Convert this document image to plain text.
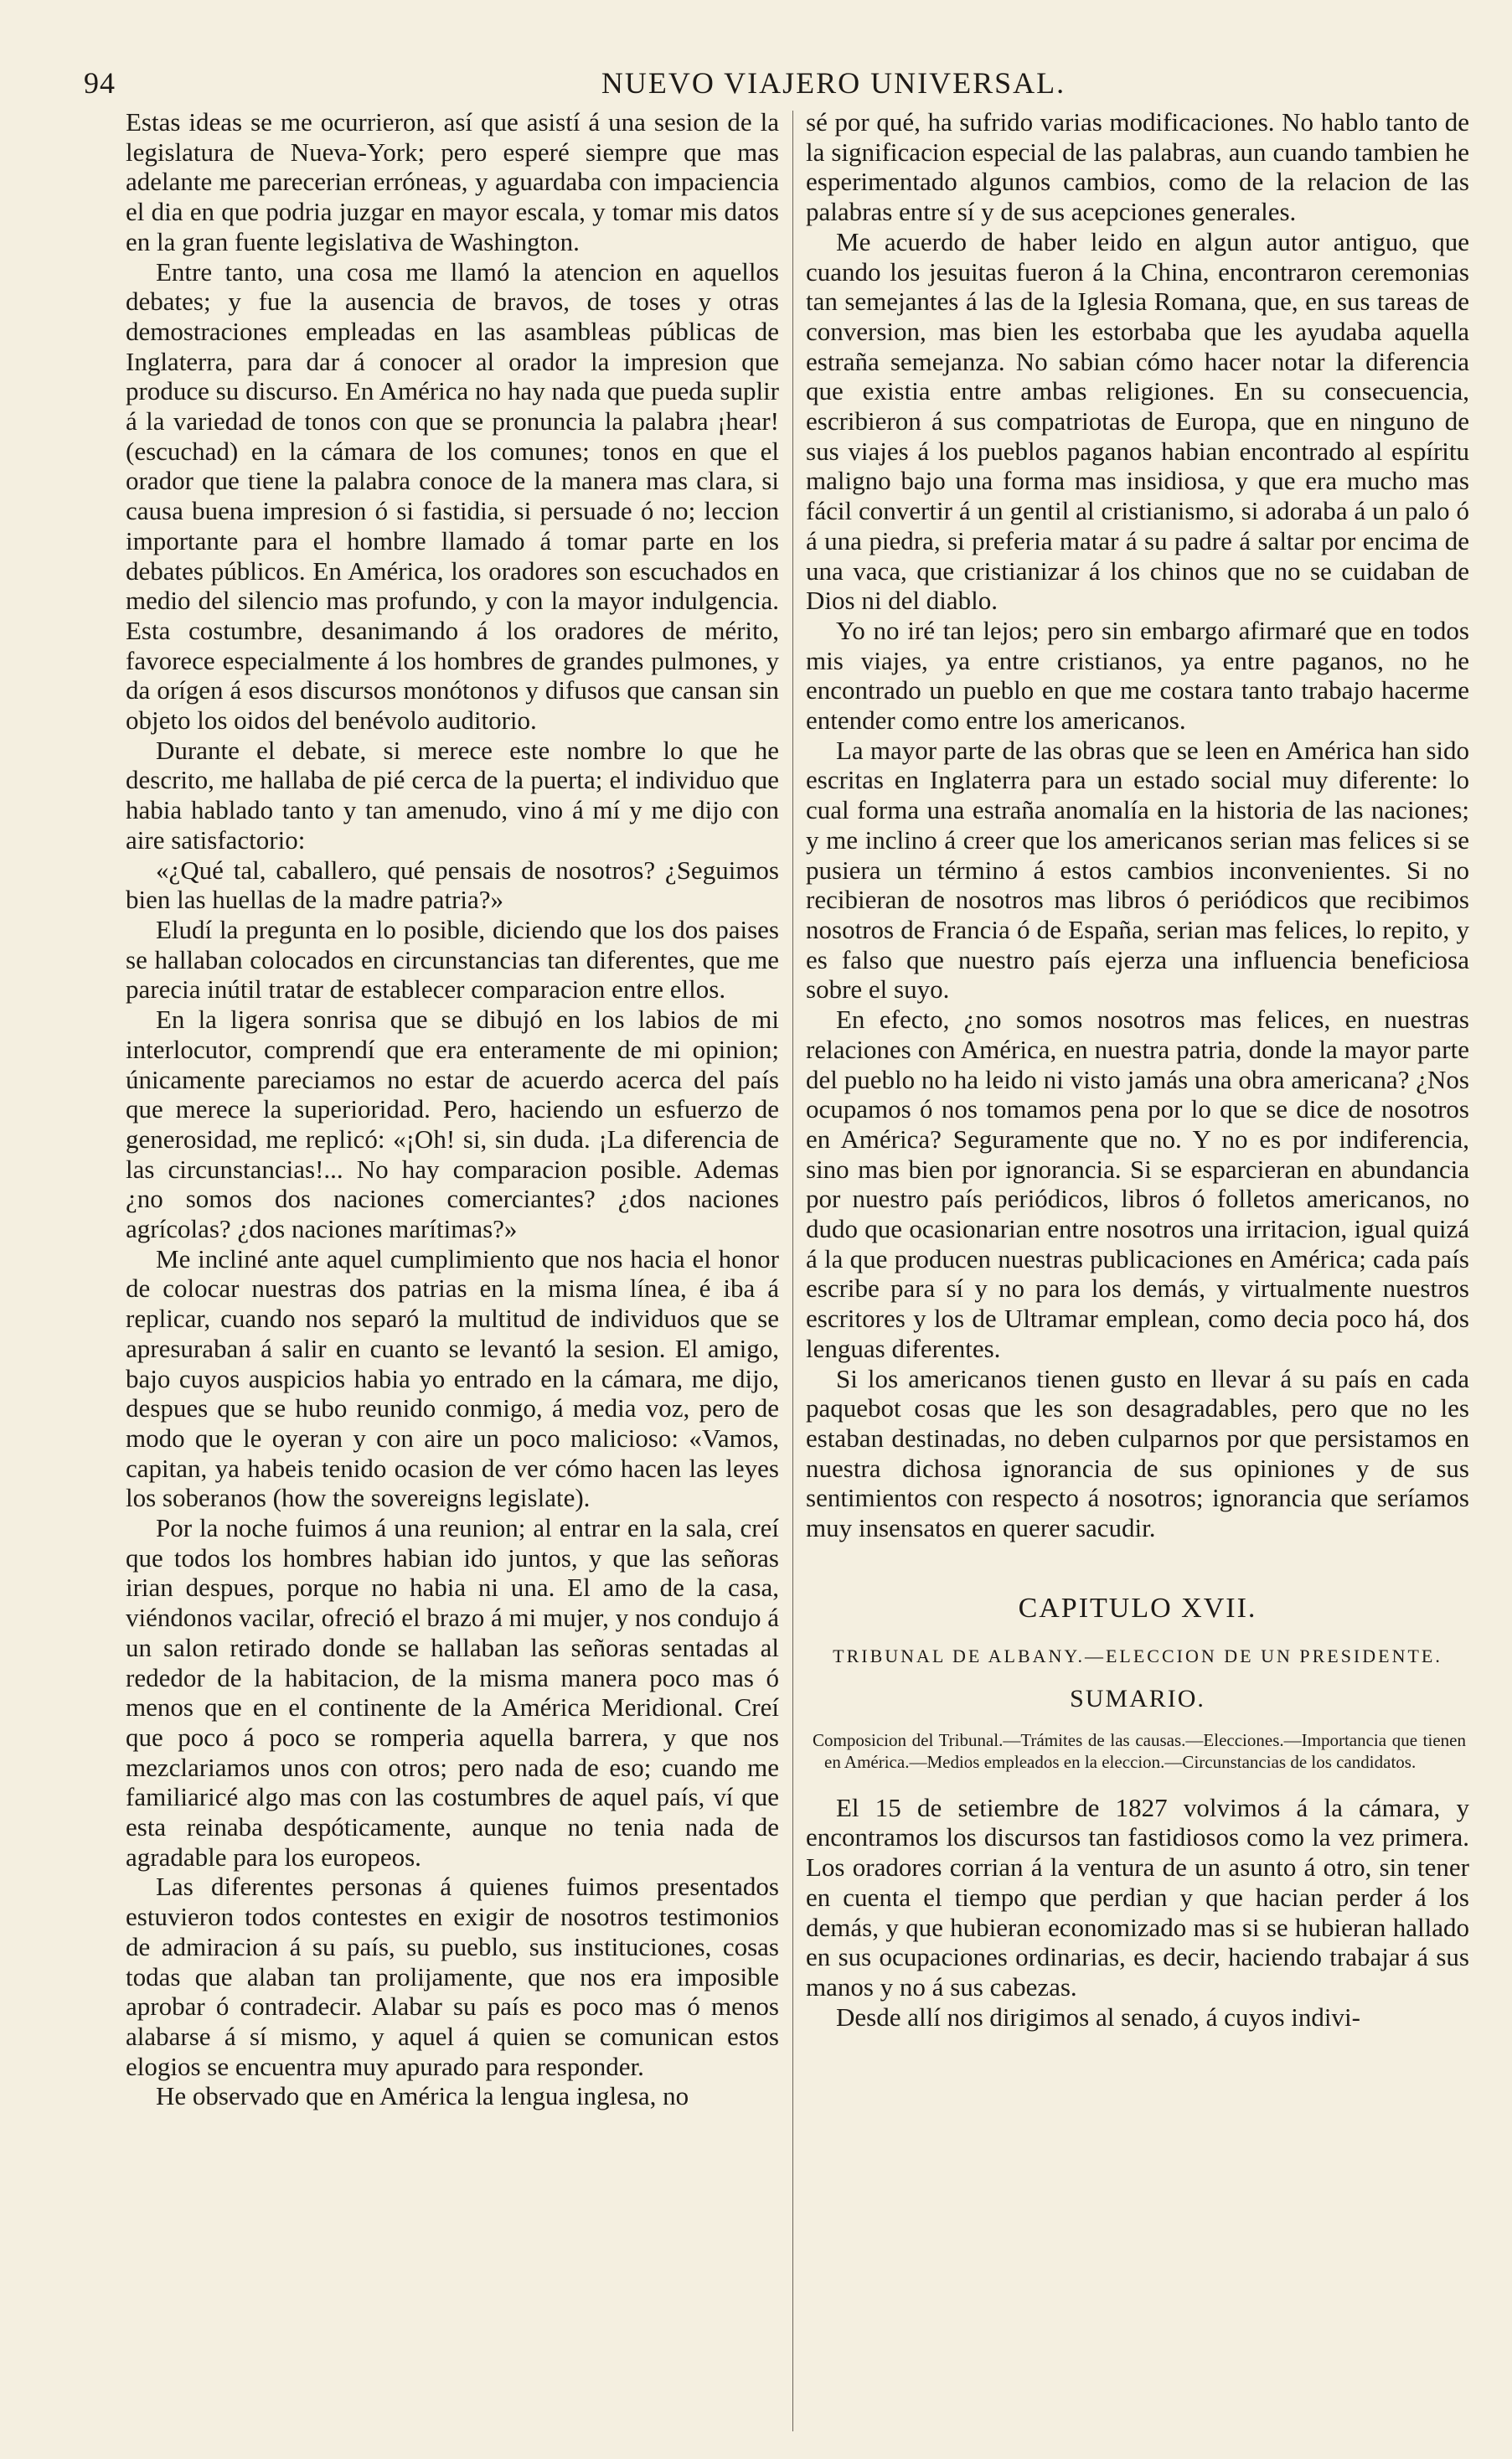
94	NUEVO VIAJERO UNIVERSAL.

Estas ideas se me ocurrieron, así que asistí á una sesion de la legislatura de Nueva-York; pero esperé siempre que mas adelante me parecerian erróneas, y aguardaba con impaciencia el dia en que podria juzgar en mayor escala, y tomar mis datos en la gran fuente legislativa de Washington.

Entre tanto, una cosa me llamó la atencion en aquellos debates; y fue la ausencia de bravos, de toses y otras demostraciones empleadas en las asambleas públicas de Inglaterra, para dar á conocer al orador la impresion que produce su discurso. En América no hay nada que pueda suplir á la variedad de tonos con que se pronuncia la palabra ¡hear! (escuchad) en la cámara de los comunes; tonos en que el orador que tiene la palabra conoce de la manera mas clara, si causa buena impresion ó si fastidia, si persuade ó no; leccion importante para el hombre llamado á tomar parte en los debates públicos. En América, los oradores son escuchados en medio del silencio mas profundo, y con la mayor indulgencia. Esta costumbre, desanimando á los oradores de mérito, favorece especialmente á los hombres de grandes pulmones, y da orígen á esos discursos monótonos y difusos que cansan sin objeto los oidos del benévolo auditorio.

Durante el debate, si merece este nombre lo que he descrito, me hallaba de pié cerca de la puerta; el individuo que habia hablado tanto y tan amenudo, vino á mí y me dijo con aire satisfactorio:

«¿Qué tal, caballero, qué pensais de nosotros? ¿Seguimos bien las huellas de la madre patria?»

Eludí la pregunta en lo posible, diciendo que los dos paises se hallaban colocados en circunstancias tan diferentes, que me parecia inútil tratar de establecer comparacion entre ellos.

En la ligera sonrisa que se dibujó en los labios de mi interlocutor, comprendí que era enteramente de mi opinion; únicamente pareciamos no estar de acuerdo acerca del país que merece la superioridad. Pero, haciendo un esfuerzo de generosidad, me replicó: «¡Oh! si, sin duda. ¡La diferencia de las circunstancias!... No hay comparacion posible. Ademas ¿no somos dos naciones comerciantes? ¿dos naciones agrícolas? ¿dos naciones marítimas?»

Me incliné ante aquel cumplimiento que nos hacia el honor de colocar nuestras dos patrias en la misma línea, é iba á replicar, cuando nos separó la multitud de individuos que se apresuraban á salir en cuanto se levantó la sesion. El amigo, bajo cuyos auspicios habia yo entrado en la cámara, me dijo, despues que se hubo reunido conmigo, á media voz, pero de modo que le oyeran y con aire un poco malicioso: «Vamos, capitan, ya habeis tenido ocasion de ver cómo hacen las leyes los soberanos (how the sovereigns legislate).

Por la noche fuimos á una reunion; al entrar en la sala, creí que todos los hombres habian ido juntos, y que las señoras irian despues, porque no habia ni una. El amo de la casa, viéndonos vacilar, ofreció el brazo á mi mujer, y nos condujo á un salon retirado donde se hallaban las señoras sentadas al rededor de la habitacion, de la misma manera poco mas ó menos que en el continente de la América Meridional. Creí que poco á poco se romperia aquella barrera, y que nos mezclariamos unos con otros; pero nada de eso; cuando me familiaricé algo mas con las costumbres de aquel país, ví que esta reinaba despóticamente, aunque no tenia nada de agradable para los europeos.

Las diferentes personas á quienes fuimos presentados estuvieron todos contestes en exigir de nosotros testimonios de admiracion á su país, su pueblo, sus instituciones, cosas todas que alaban tan prolijamente, que nos era imposible aprobar ó contradecir. Alabar su país es poco mas ó menos alabarse á sí mismo, y aquel á quien se comunican estos elogios se encuentra muy apurado para responder.

He observado que en América la lengua inglesa, no

sé por qué, ha sufrido varias modificaciones. No hablo tanto de la significacion especial de las palabras, aun cuando tambien he esperimentado algunos cambios, como de la relacion de las palabras entre sí y de sus acepciones generales.

Me acuerdo de haber leido en algun autor antiguo, que cuando los jesuitas fueron á la China, encontraron ceremonias tan semejantes á las de la Iglesia Romana, que, en sus tareas de conversion, mas bien les estorbaba que les ayudaba aquella estraña semejanza. No sabian cómo hacer notar la diferencia que existia entre ambas religiones. En su consecuencia, escribieron á sus compatriotas de Europa, que en ninguno de sus viajes á los pueblos paganos habian encontrado al espíritu maligno bajo una forma mas insidiosa, y que era mucho mas fácil convertir á un gentil al cristianismo, si adoraba á un palo ó á una piedra, si preferia matar á su padre á saltar por encima de una vaca, que cristianizar á los chinos que no se cuidaban de Dios ni del diablo.

Yo no iré tan lejos; pero sin embargo afirmaré que en todos mis viajes, ya entre cristianos, ya entre paganos, no he encontrado un pueblo en que me costara tanto trabajo hacerme entender como entre los americanos.

La mayor parte de las obras que se leen en América han sido escritas en Inglaterra para un estado social muy diferente: lo cual forma una estraña anomalía en la historia de las naciones; y me inclino á creer que los americanos serian mas felices si se pusiera un término á estos cambios inconvenientes. Si no recibieran de nosotros mas libros ó periódicos que recibimos nosotros de Francia ó de España, serian mas felices, lo repito, y es falso que nuestro país ejerza una influencia beneficiosa sobre el suyo.

En efecto, ¿no somos nosotros mas felices, en nuestras relaciones con América, en nuestra patria, donde la mayor parte del pueblo no ha leido ni visto jamás una obra americana? ¿Nos ocupamos ó nos tomamos pena por lo que se dice de nosotros en América? Seguramente que no. Y no es por indiferencia, sino mas bien por ignorancia. Si se esparcieran en abundancia por nuestro país periódicos, libros ó folletos americanos, no dudo que ocasionarian entre nosotros una irritacion, igual quizá á la que producen nuestras publicaciones en América; cada país escribe para sí y no para los demás, y virtualmente nuestros escritores y los de Ultramar emplean, como decia poco há, dos lenguas diferentes.

Si los americanos tienen gusto en llevar á su país en cada paquebot cosas que les son desagradables, pero que no les estaban destinadas, no deben culparnos por que persistamos en nuestra dichosa ignorancia de sus opiniones y de sus sentimientos con respecto á nosotros; ignorancia que seríamos muy insensatos en querer sacudir.

CAPITULO XVII.
TRIBUNAL DE ALBANY.—ELECCION DE UN PRESIDENTE.
SUMARIO.
Composicion del Tribunal.—Trámites de las causas.—Elecciones.—Importancia que tienen en América.—Medios empleados en la eleccion.—Circunstancias de los candidatos.

El 15 de setiembre de 1827 volvimos á la cámara, y encontramos los discursos tan fastidiosos como la vez primera. Los oradores corrian á la ventura de un asunto á otro, sin tener en cuenta el tiempo que perdian y que hacian perder á los demás, y que hubieran economizado mas si se hubieran hallado en sus ocupaciones ordinarias, es decir, haciendo trabajar á sus manos y no á sus cabezas.

Desde allí nos dirigimos al senado, á cuyos indivi-
